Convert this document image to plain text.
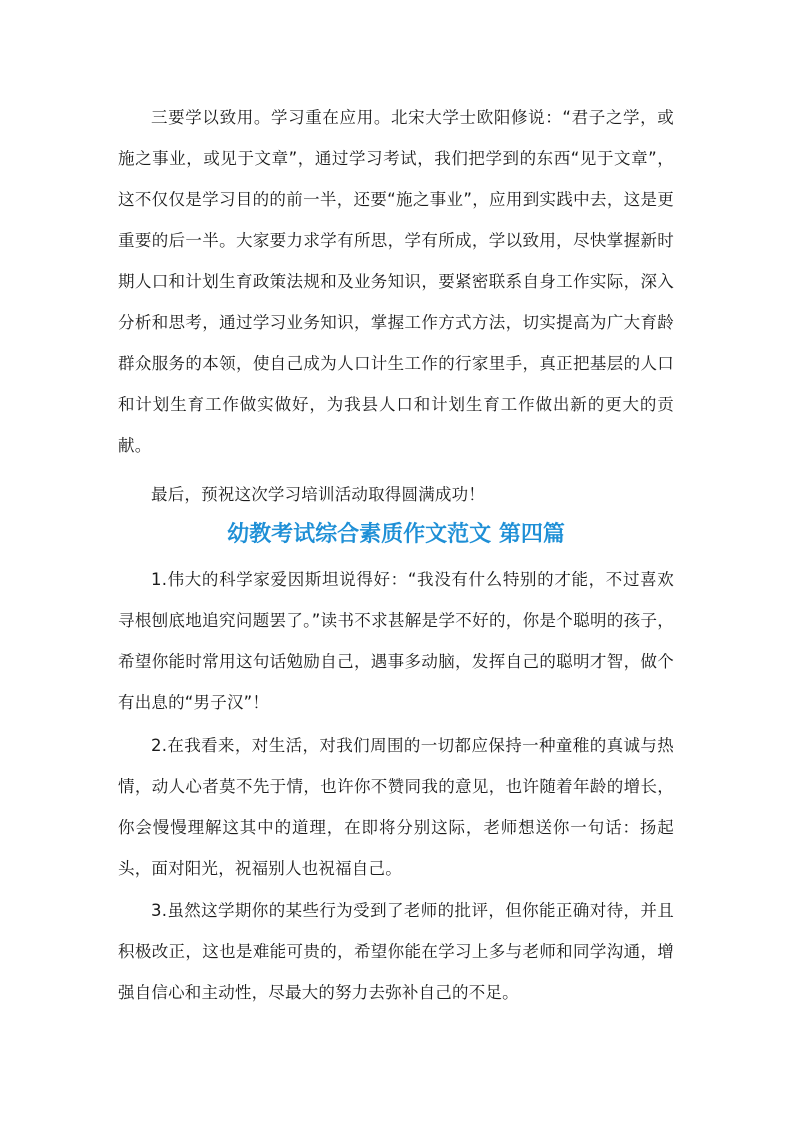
三要学以致用。学习重在应用。北宋大学士欧阳修说：“君子之学，或施之事业，或见于文章”，通过学习考试，我们把学到的东西“见于文章”，这不仅仅是学习目的的前一半，还要“施之事业”，应用到实践中去，这是更重要的后一半。大家要力求学有所思，学有所成，学以致用，尽快掌握新时期人口和计划生育政策法规和及业务知识，要紧密联系自身工作实际，深入分析和思考，通过学习业务知识，掌握工作方式方法，切实提高为广大育龄群众服务的本领，使自己成为人口计生工作的行家里手，真正把基层的人口和计划生育工作做实做好，为我县人口和计划生育工作做出新的更大的贡献。

最后，预祝这次学习培训活动取得圆满成功！

幼教考试综合素质作文范文 第四篇

1.伟大的科学家爱因斯坦说得好：“我没有什么特别的才能，不过喜欢寻根刨底地追究问题罢了。”读书不求甚解是学不好的，你是个聪明的孩子，希望你能时常用这句话勉励自己，遇事多动脑，发挥自己的聪明才智，做个有出息的“男子汉”！

2.在我看来，对生活，对我们周围的一切都应保持一种童稚的真诚与热情，动人心者莫不先于情，也许你不赞同我的意见，也许随着年龄的增长，你会慢慢理解这其中的道理，在即将分别这际，老师想送你一句话：扬起头，面对阳光，祝福别人也祝福自己。

3.虽然这学期你的某些行为受到了老师的批评，但你能正确对待，并且积极改正，这也是难能可贵的，希望你能在学习上多与老师和同学沟通，增强自信心和主动性，尽最大的努力去弥补自己的不足。
